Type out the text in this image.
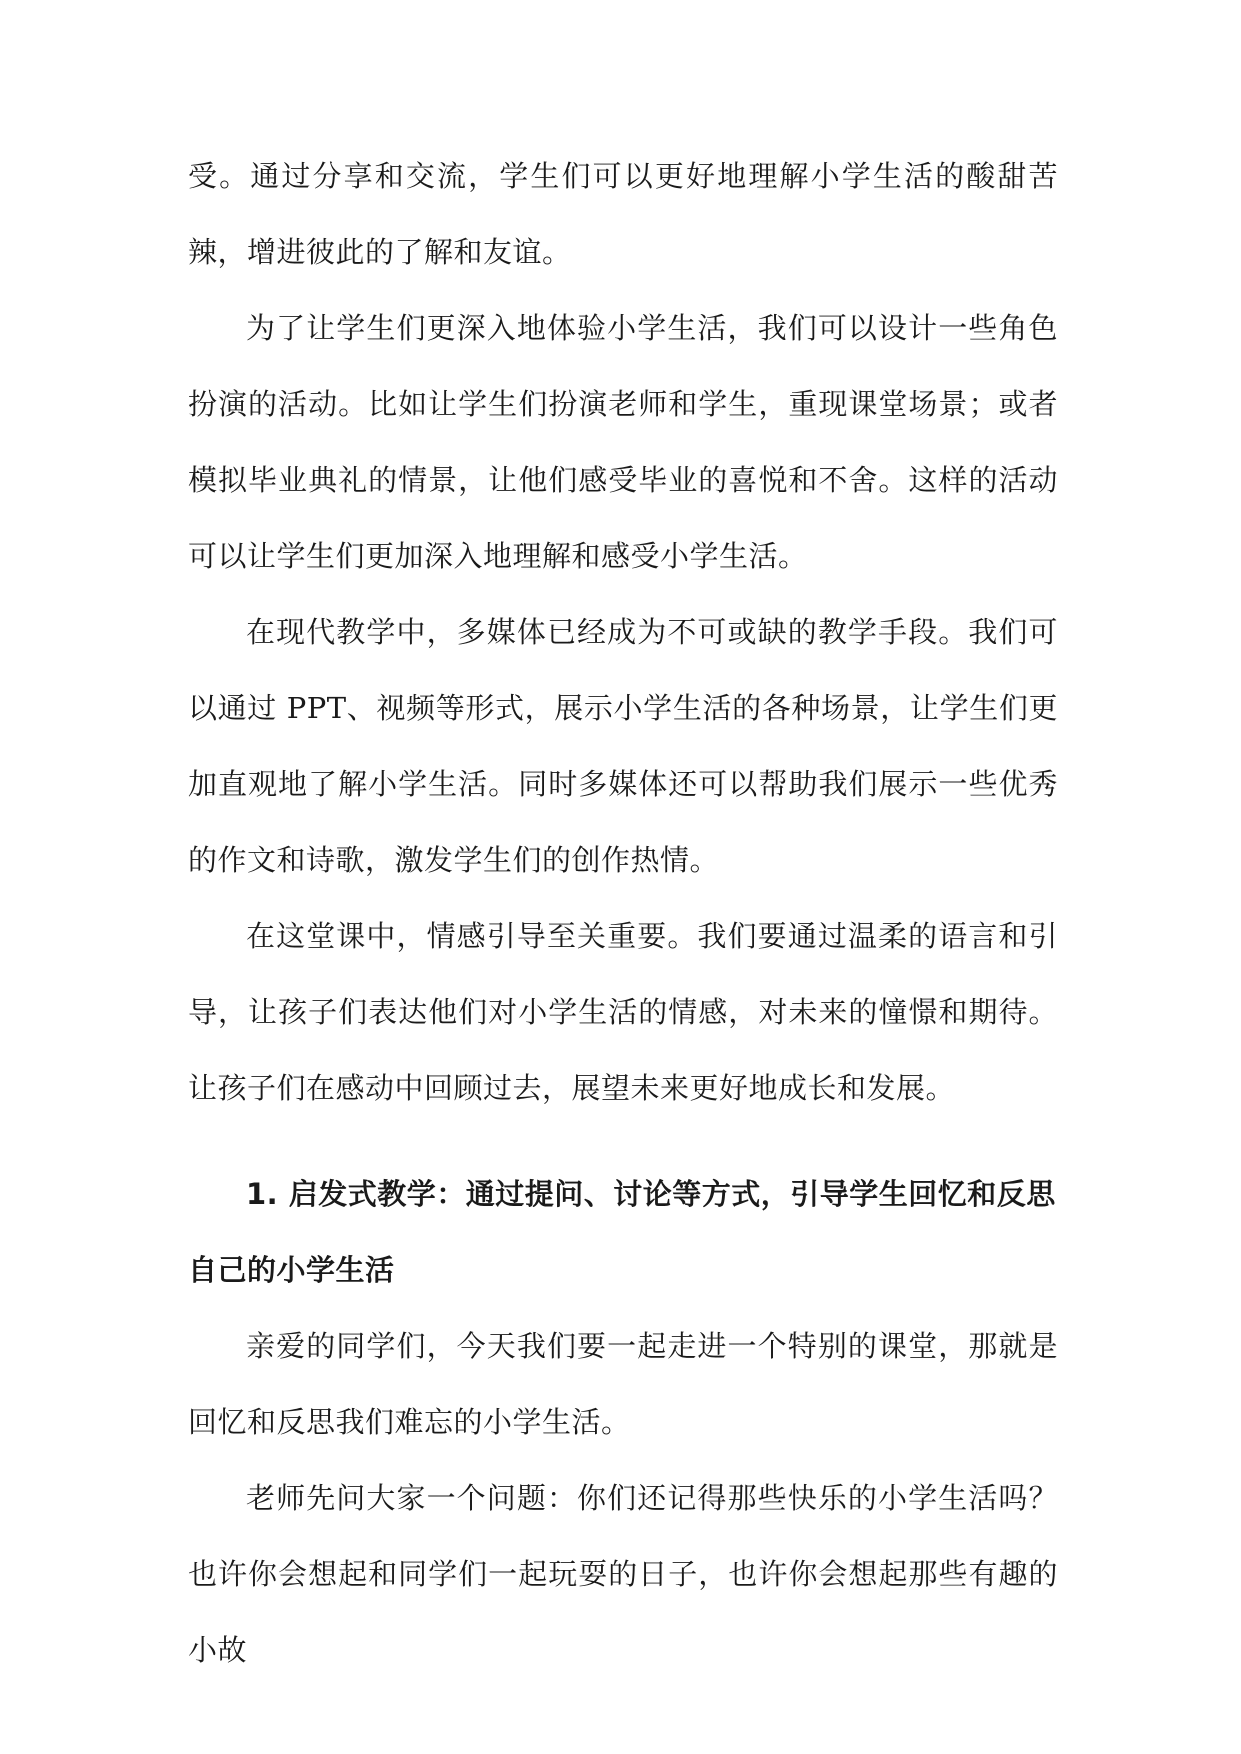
受。通过分享和交流，学生们可以更好地理解小学生活的酸甜苦辣，增进彼此的了解和友谊。

为了让学生们更深入地体验小学生活，我们可以设计一些角色扮演的活动。比如让学生们扮演老师和学生，重现课堂场景；或者模拟毕业典礼的情景，让他们感受毕业的喜悦和不舍。这样的活动可以让学生们更加深入地理解和感受小学生活。

在现代教学中，多媒体已经成为不可或缺的教学手段。我们可以通过 PPT、视频等形式，展示小学生活的各种场景，让学生们更加直观地了解小学生活。同时多媒体还可以帮助我们展示一些优秀的作文和诗歌，激发学生们的创作热情。

在这堂课中，情感引导至关重要。我们要通过温柔的语言和引导，让孩子们表达他们对小学生活的情感，对未来的憧憬和期待。让孩子们在感动中回顾过去，展望未来更好地成长和发展。

1. 启发式教学：通过提问、讨论等方式，引导学生回忆和反思自己的小学生活

亲爱的同学们，今天我们要一起走进一个特别的课堂，那就是回忆和反思我们难忘的小学生活。

老师先问大家一个问题：你们还记得那些快乐的小学生活吗？也许你会想起和同学们一起玩耍的日子，也许你会想起那些有趣的小故
